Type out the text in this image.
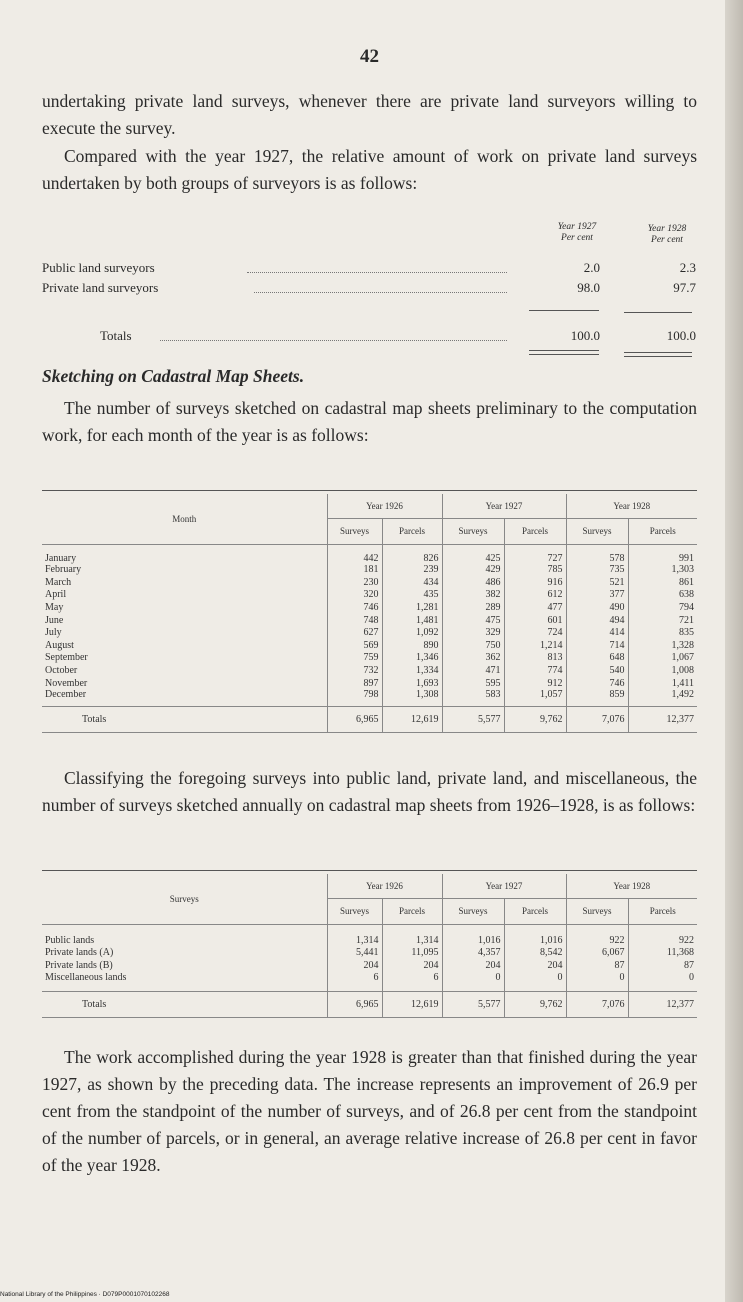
42

undertaking private land surveys, whenever there are private land surveyors willing to execute the survey.

Compared with the year 1927, the relative amount of work on private land surveys undertaken by both groups of surveyors is as follows:

Year 1927
Per cent
Year 1928
Per cent
Public land surveyors	2.0	2.3
Private land surveyors	98.0	97.7
Totals	100.0	100.0
Sketching on Cadastral Map Sheets.

The number of surveys sketched on cadastral map sheets preliminary to the computation work, for each month of the year is as follows:

Month	Year 1926		Year 1927		Year 1928	
	Surveys	Parcels	Surveys	Parcels	Surveys	Parcels
January	442	826	425	727	578	991
February	181	239	429	785	735	1,303
March	230	434	486	916	521	861
April	320	435	382	612	377	638
May	746	1,281	289	477	490	794
June	748	1,481	475	601	494	721
July	627	1,092	329	724	414	835
August	569	890	750	1,214	714	1,328
September	759	1,346	362	813	648	1,067
October	732	1,334	471	774	540	1,008
November	897	1,693	595	912	746	1,411
December	798	1,308	583	1,057	859	1,492
Totals	6,965	12,619	5,577	9,762	7,076	12,377

Classifying the foregoing surveys into public land, private land, and miscellaneous, the number of surveys sketched annually on cadastral map sheets from 1926–1928, is as follows:

Surveys	Year 1926		Year 1927		Year 1928	
	Surveys	Parcels	Surveys	Parcels	Surveys	Parcels
Public lands	1,314	1,314	1,016	1,016	922	922
Private lands (A)	5,441	11,095	4,357	8,542	6,067	11,368
Private lands (B)	204	204	204	204	87	87
Miscellaneous lands	6	6	0	0	0	0
Totals	6,965	12,619	5,577	9,762	7,076	12,377

The work accomplished during the year 1928 is greater than that finished during the year 1927, as shown by the preceding data. The increase represents an improvement of 26.9 per cent from the standpoint of the number of surveys, and of 26.8 per cent from the standpoint of the number of parcels, or in general, an average relative increase of 26.8 per cent in favor of the year 1928.

National Library of the Philippines · D079P0001070102268
